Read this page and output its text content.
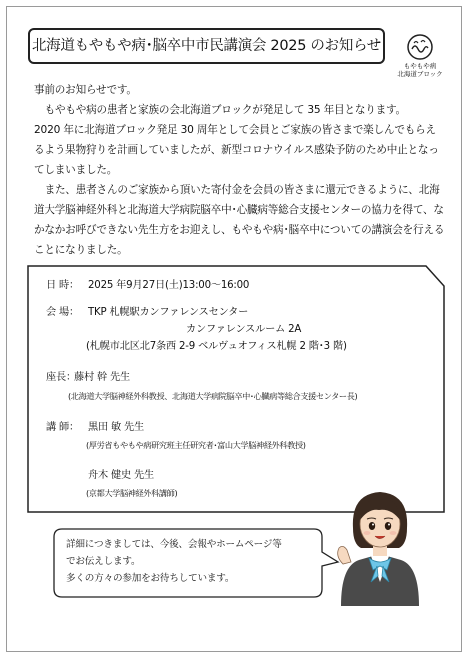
北海道もやもや病･脳卒中市民講演会 2025 のお知らせ
もやもや病
北海道ブロック

事前のお知らせです。

もやもや病の患者と家族の会北海道ブロックが発足して 35 年目となります。

2020 年に北海道ブロック発足 30 周年として会員とご家族の皆さまで楽しんでもらえるよう果物狩りを計画していましたが、新型コロナウイルス感染予防のため中止となってしまいました。

また、患者さんのご家族から頂いた寄付金を会員の皆さまに還元できるように、北海道大学脳神経外科と北海道大学病院脳卒中･心臓病等総合支援センターの協力を得て、なかなかお呼びできない先生方をお迎えし、もやもや病･脳卒中についての講演会を行えることになりました。

日 時： 2025 年9月27日(土)13:00～16:00
会 場： TKP 札幌駅カンファレンスセンター
カンファレンスルーム 2A
(札幌市北区北7条西 2-9 ベルヴュオフィス札幌 2 階･3 階)
座長：
藤村 幹 先生
(北海道大学脳神経外科教授、北海道大学病院脳卒中･心臓病等総合支援センター長)
講 師： 黒田 敏 先生
(厚労省もやもや病研究班主任研究者･富山大学脳神経外科教授)
舟木 健史 先生
(京都大学脳神経外科講師)
詳細につきましては、今後、会報やホームページ等
でお伝えします。
多くの方々の参加をお待ちしています。
